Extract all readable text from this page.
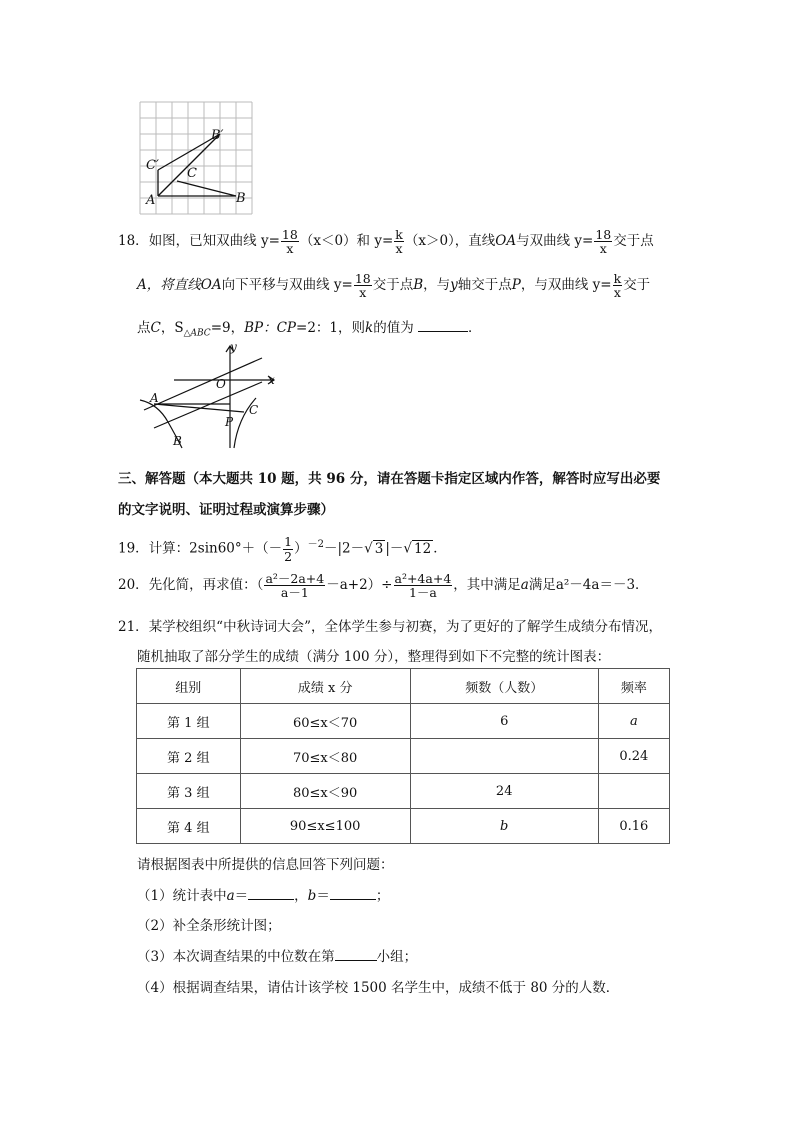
B′
C′
C
A	B
18．如图，已知双曲线 $y= \frac{18}{x} (x<0)$和 $y= \frac{k}{x} (x>0)$，直线OA与双曲线 $y= \frac{18}{x}$ 交于点
A，将直线OA向下平移与双曲线 $y= \frac{18}{x}$ 交于点B，与y轴交于点P，与双曲线 $y= \frac{k}{x}$ 交于
点C，$S_{\triangle ABC}=9$，BP：CP=2：1，则k的值为	．
y
x
O
A
B
C
P
三、解答题（本大题共 10 题，共 96 分，请在答题卡指定区域内作答，解答时应写出必要
的文字说明、证明过程或演算步骤）
19．计算：$2\sin 60^\circ+(- \frac{1}{2} )^{-2}-|2-√$ 3 |－√ 12 ．
20．先化简，再求值：（ $\frac{\text{a²－2a+4}}{a-1} -a+2)\div \frac{\text{a²+4a+4}}{1-a}$ ，其中满足a满足a²－4a＝－3．
21．某学校组织“中秋诗词大会”，全体学生参与初赛，为了更好的了解学生成绩分布情况，
随机抽取了部分学生的成绩（满分 100 分），整理得到如下不完整的统计图表：
组别	成绩 x 分	频数（人数）	频率
第 1 组	60≤x＜70	6	a
第 2 组	70≤x＜80		0.24
第 3 组	80≤x＜90	24	
第 4 组	90≤x≤100	b	0.16
请根据图表中所提供的信息回答下列问题：
（1）统计表中a＝	，b＝	；
（2）补全条形统计图；
（3）本次调查结果的中位数在第	小组；
（4）根据调查结果，请估计该学校 1500 名学生中，成绩不低于 80 分的人数．
